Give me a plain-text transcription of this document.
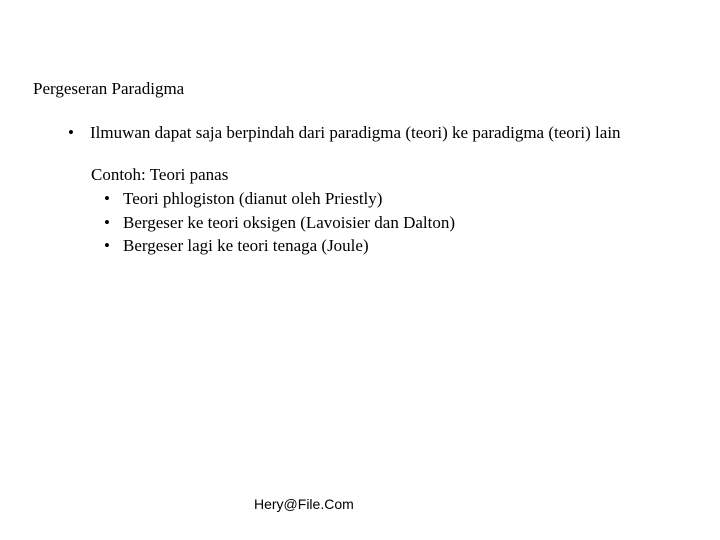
Pergeseran Paradigma
• Ilmuwan dapat saja berpindah dari paradigma (teori) ke paradigma (teori) lain
Contoh: Teori panas
• Teori phlogiston (dianut oleh Priestly)
• Bergeser ke teori oksigen (Lavoisier dan Dalton)
• Bergeser lagi ke teori tenaga (Joule)
Hery@File.Com
